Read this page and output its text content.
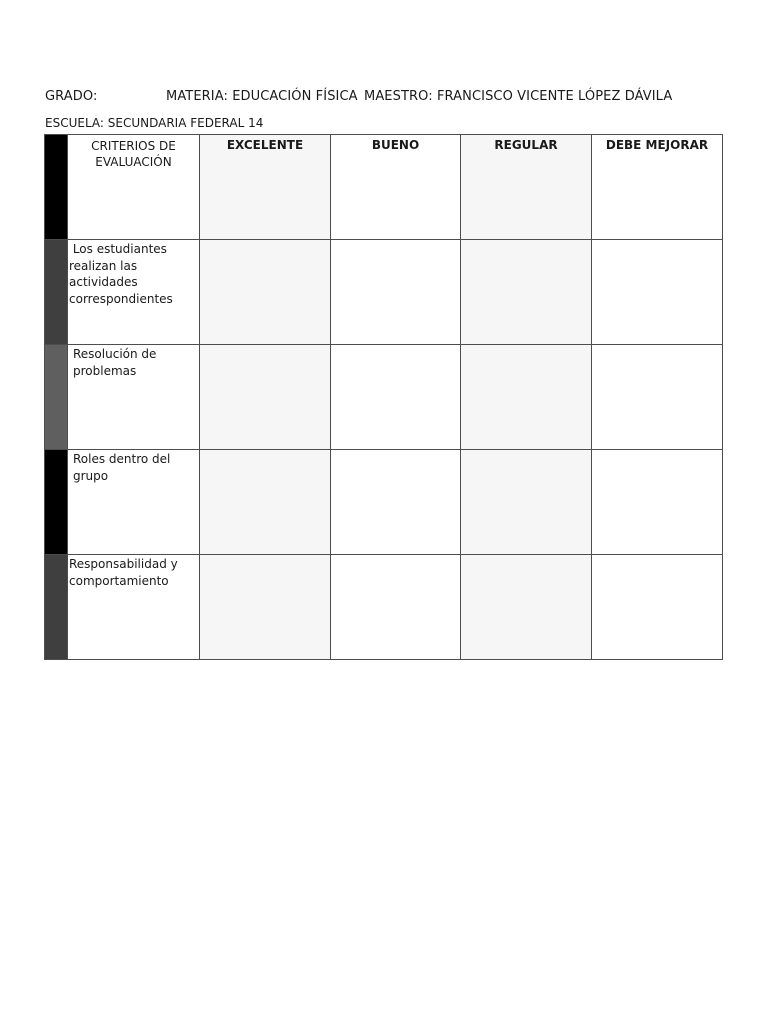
GRADO:	MATERIA: EDUCACIÓN FÍSICA MAESTRO: FRANCISCO VICENTE LÓPEZ DÁVILA
ESCUELA: SECUNDARIA FEDERAL 14
	CRITERIOS DE EVALUACIÓN	EXCELENTE	BUENO	REGULAR	DEBE MEJORAR
	Los estudiantes realizan las actividades correspondientes				
	Resolución de problemas				
	Roles dentro del grupo				
	Responsabilidad y comportamiento				
